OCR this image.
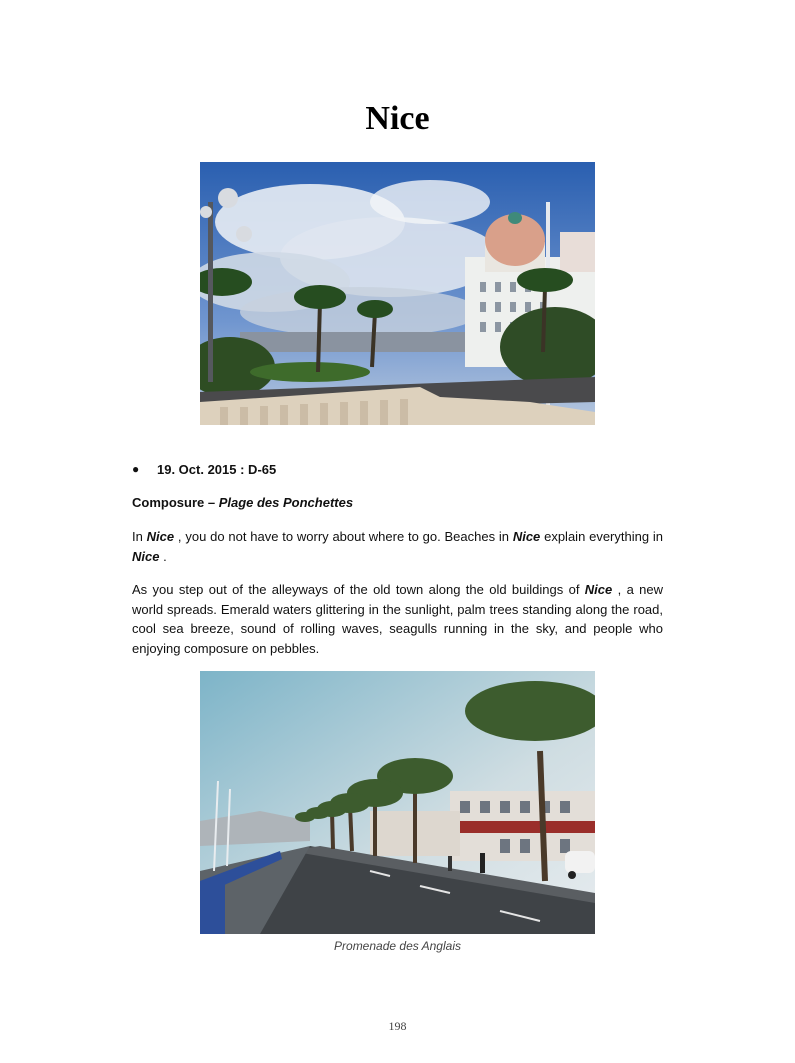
Nice
● 19. Oct. 2015 : D-65
Composure – Plage des Ponchettes
In Nice , you do not have to worry about where to go. Beaches in Nice explain everything in Nice .
As you step out of the alleyways of the old town along the old buildings of Nice , a new world spreads. Emerald waters glittering in the sunlight, palm trees standing along the road, cool sea breeze, sound of rolling waves, seagulls running in the sky, and people who enjoying composure on pebbles.
Promenade des Anglais
198
